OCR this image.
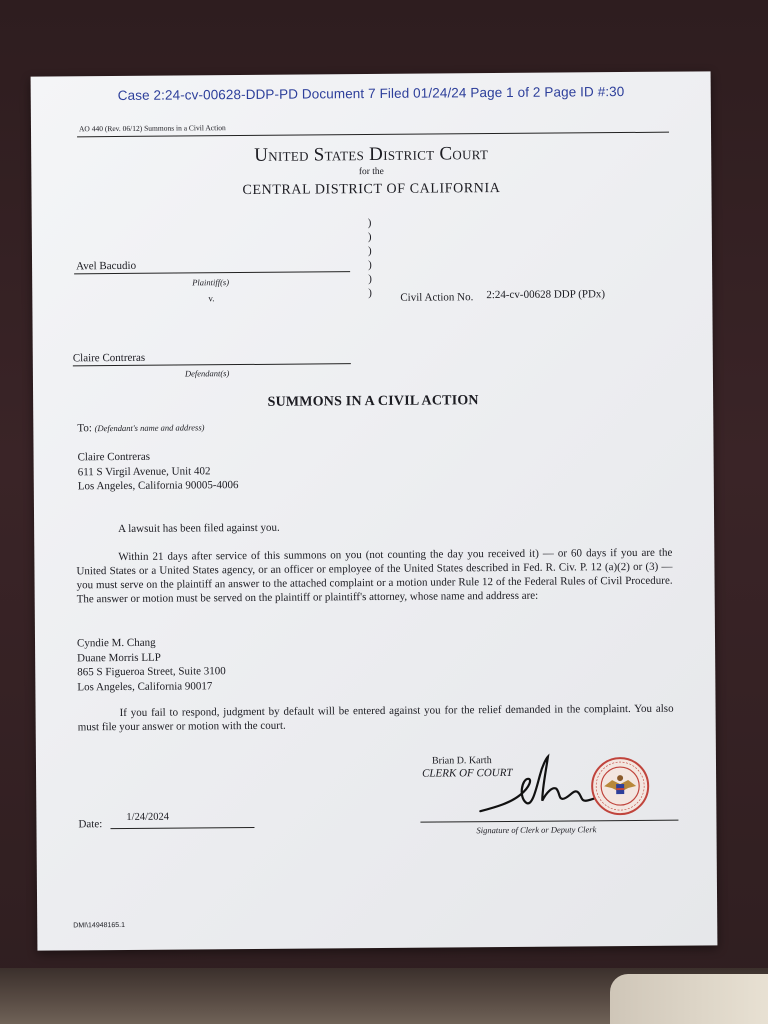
Case 2:24-cv-00628-DDP-PD Document 7 Filed 01/24/24 Page 1 of 2 Page ID #:30
AO 440 (Rev. 06/12) Summons in a Civil Action
United States District Court
for the
CENTRAL DISTRICT OF CALIFORNIA
)
)
)
)
)
)
Avel Bacudio
Plaintiff(s)
v.	Civil Action No. 2:24-cv-00628 DDP (PDx)
Claire Contreras
Defendant(s)
SUMMONS IN A CIVIL ACTION
To: (Defendant's name and address)
Claire Contreras
611 S Virgil Avenue, Unit 402
Los Angeles, California 90005-4006
A lawsuit has been filed against you.
Within 21 days after service of this summons on you (not counting the day you received it) — or 60 days if you are the United States or a United States agency, or an officer or employee of the United States described in Fed. R. Civ. P. 12 (a)(2) or (3) — you must serve on the plaintiff an answer to the attached complaint or a motion under Rule 12 of the Federal Rules of Civil Procedure. The answer or motion must be served on the plaintiff or plaintiff's attorney, whose name and address are:
Cyndie M. Chang
Duane Morris LLP
865 S Figueroa Street, Suite 3100
Los Angeles, California 90017
If you fail to respond, judgment by default will be entered against you for the relief demanded in the complaint. You also must file your answer or motion with the court.
Brian D. Karth
CLERK OF COURT
Signature of Clerk or Deputy Clerk
Date:
1/24/2024
DMI\14948165.1
